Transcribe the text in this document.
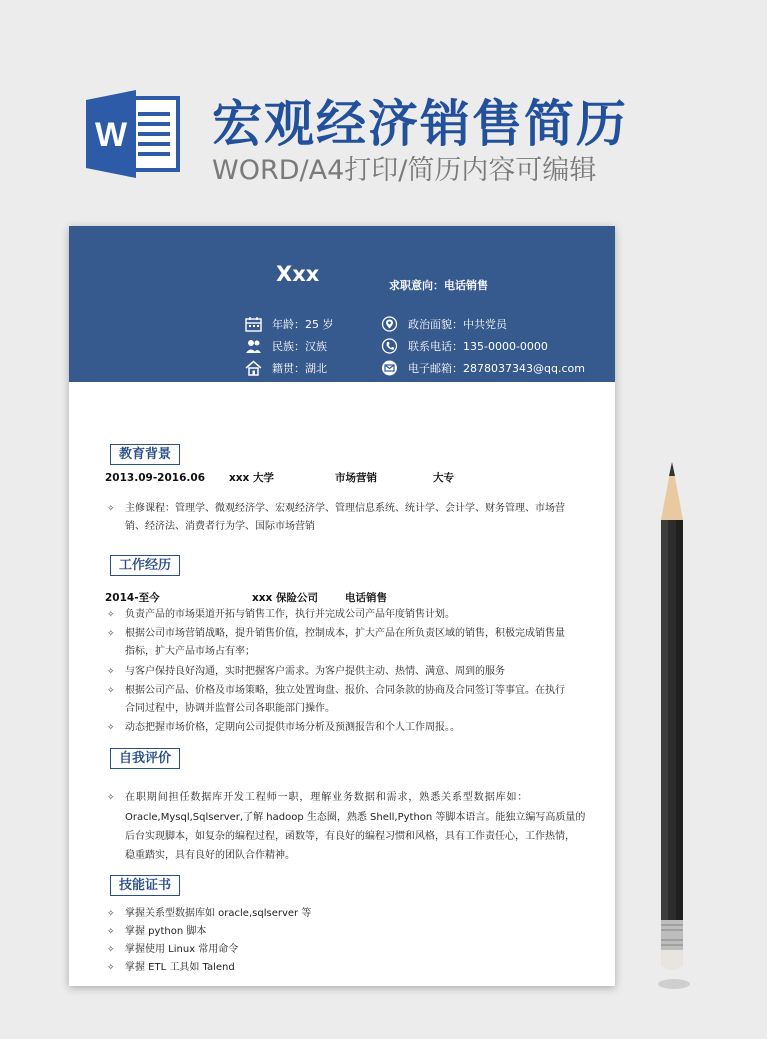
W 宏观经济销售简历
WORD/A4打印/简历内容可编辑
Xxx	求职意向：电话销售
年龄：25 岁
民族：汉族
籍贯：湖北
政治面貌：中共党员
联系电话：135-0000-0000
电子邮箱：2878037343@qq.com
教育背景
2013.09-2016.06 xxx 大学	市场营销	大专
✧ 主修课程：管理学、微观经济学、宏观经济学、管理信息系统、统计学、会计学、财务管理、市场营
销、经济法、消费者行为学、国际市场营销
工作经历
2014-至今	xxx 保险公司	电话销售
✧ 负责产品的市场渠道开拓与销售工作，执行并完成公司产品年度销售计划。
✧ 根据公司市场营销战略，提升销售价值，控制成本，扩大产品在所负责区域的销售，积极完成销售量
指标，扩大产品市场占有率；
✧ 与客户保持良好沟通，实时把握客户需求。为客户提供主动、热情、满意、周到的服务
✧ 根据公司产品、价格及市场策略，独立处置询盘、报价、合同条款的协商及合同签订等事宜。在执行
合同过程中，协调并监督公司各职能部门操作。
✧ 动态把握市场价格，定期向公司提供市场分析及预测报告和个人工作周报。。
自我评价
✧ 在职期间担任数据库开发工程师一职，理解业务数据和需求，熟悉关系型数据库如：
Oracle,Mysql,Sqlserver,了解 hadoop 生态圈，熟悉 Shell,Python 等脚本语言。能独立编写高质量的
后台实现脚本，如复杂的编程过程，函数等，有良好的编程习惯和风格，具有工作责任心，工作热情，
稳重踏实，具有良好的团队合作精神。
技能证书
✧ 掌握关系型数据库如 oracle,sqlserver 等
✧ 掌握 python 脚本
✧ 掌握使用 Linux 常用命令
✧ 掌握 ETL 工具如 Talend
